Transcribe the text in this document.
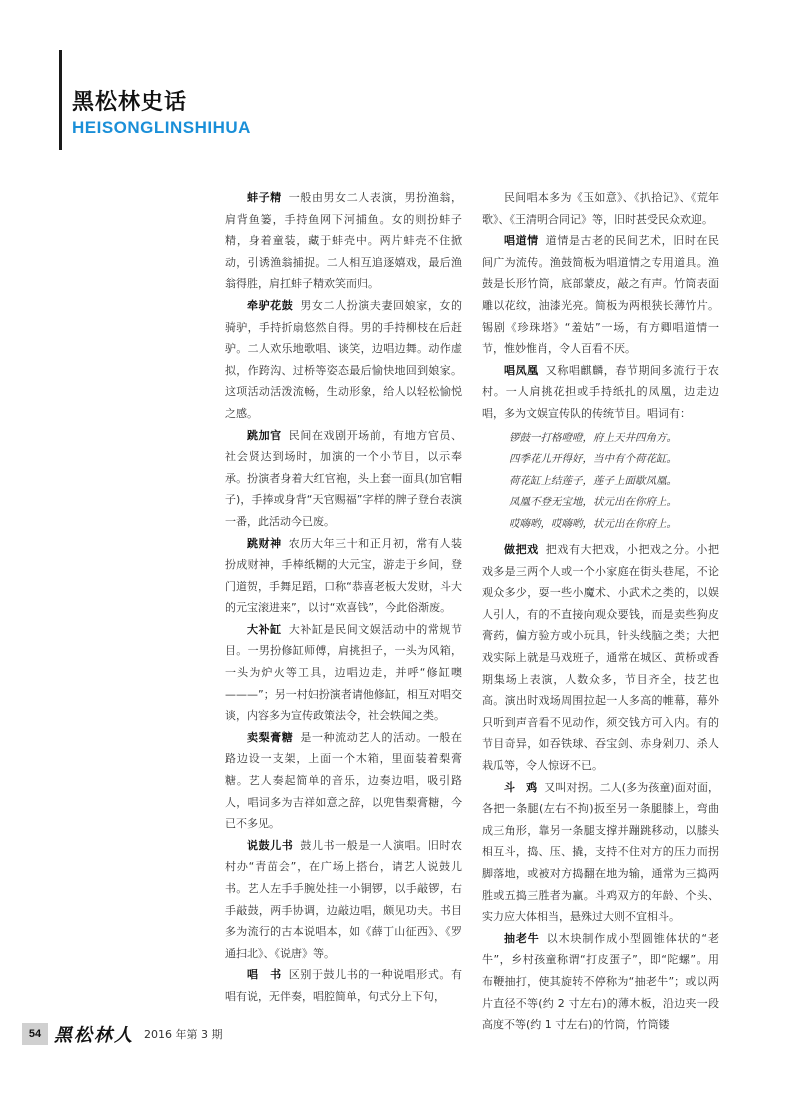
黑松林史话
HEISONGLINSHIHUA

蚌子精 一般由男女二人表演，男扮渔翁，肩背鱼篓，手持鱼网下河捕鱼。女的则扮蚌子精，身着童装，藏于蚌壳中。两片蚌壳不住掀动，引诱渔翁捕捉。二人相互追逐嬉戏，最后渔翁得胜，肩扛蚌子精欢笑而归。

牵驴花鼓 男女二人扮演夫妻回娘家，女的骑驴，手持折扇悠然自得。男的手持柳枝在后赶驴。二人欢乐地歌唱、谈笑，边唱边舞。动作虚拟，作跨沟、过桥等姿态最后愉快地回到娘家。这项活动活泼流畅，生动形象，给人以轻松愉悦之感。

跳加官 民间在戏剧开场前，有地方官员、社会贤达到场时，加演的一个小节目，以示奉承。扮演者身着大红官袍，头上套一面具(加官帽子)，手捧或身背“天官赐福”字样的牌子登台表演一番，此活动今已废。

跳财神 农历大年三十和正月初，常有人装扮成财神，手棒纸糊的大元宝，游走于乡间，登门道贺，手舞足蹈，口称“恭喜老板大发财，斗大的元宝滚进来”，以讨“欢喜钱”，今此俗渐废。

大补缸 大补缸是民间文娱活动中的常规节目。一男扮修缸师傅，肩挑担子，一头为风箱，一头为炉火等工具，边唱边走，并呼“修缸噢———”；另一村妇扮演者请他修缸，相互对唱交谈，内容多为宣传政策法令，社会轶闻之类。

卖梨膏糖 是一种流动艺人的活动。一般在路边设一支架，上面一个木箱，里面装着梨膏糖。艺人奏起简单的音乐，边奏边唱，吸引路人，唱词多为吉祥如意之辞，以兜售梨膏糖，今已不多见。

说鼓儿书 鼓儿书一般是一人演唱。旧时农村办“青苗会”，在广场上搭台，请艺人说鼓儿书。艺人左手手腕处挂一小铜锣，以手敲锣，右手敲鼓，两手协调，边敲边唱，颇见功夫。书目多为流行的古本说唱本，如《薛丁山征西》、《罗通扫北》、《说唐》等。

唱　书 区别于鼓儿书的一种说唱形式。有唱有说，无伴奏，唱腔简单，句式分上下句，

民间唱本多为《玉如意》、《扒拾记》、《荒年歌》、《王清明合同记》等，旧时甚受民众欢迎。

唱道情 道情是古老的民间艺术，旧时在民间广为流传。渔鼓简板为唱道情之专用道具。渔鼓是长形竹筒，底部蒙皮，敲之有声。竹筒表面雕以花纹，油漆光亮。简板为两根狭长薄竹片。锡剧《珍珠塔》“羞姑”一场，有方卿唱道情一节，惟妙惟肖，令人百看不厌。

唱凤凰 又称唱麒麟，春节期间多流行于农村。一人肩挑花担或手持纸扎的凤凰，边走边唱，多为文娱宣传队的传统节目。唱词有：

锣鼓一打格噔噔，府上天井四角方。
四季花儿开得好，当中有个荷花缸。
荷花缸上结莲子，莲子上面歇凤凰。
凤凰不登无宝地，状元出在你府上。
哎嗨哟，哎嗨哟，状元出在你府上。

做把戏 把戏有大把戏，小把戏之分。小把戏多是三两个人或一个小家庭在街头巷尾，不论观众多少，耍一些小魔术、小武术之类的，以娱人引人，有的不直接向观众要钱，而是卖些狗皮膏药，偏方验方或小玩具，针头线脑之类；大把戏实际上就是马戏班子，通常在城区、黄桥或香期集场上表演，人数众多，节目齐全，技艺也高。演出时戏场周围拉起一人多高的帷幕，幕外只听到声音看不见动作，须交钱方可入内。有的节目奇异，如吞铁球、吞宝剑、赤身剁刀、杀人栽瓜等，令人惊讶不已。

斗　鸡 又叫对拐。二人(多为孩童)面对面，各把一条腿(左右不拘)扳至另一条腿膝上，弯曲成三角形，靠另一条腿支撑并蹦跳移动，以膝头相互斗，捣、压、撬，支持不住对方的压力而拐脚落地，或被对方捣翻在地为输，通常为三捣两胜或五捣三胜者为赢。斗鸡双方的年龄、个头、实力应大体相当，悬殊过大则不宜相斗。

抽老牛 以木块制作成小型圆锥体状的“老牛”，乡村孩童称谓“打皮蛋子”，即“陀螺”。用布鞭抽打，使其旋转不停称为“抽老牛”；或以两片直径不等(约 2 寸左右)的薄木板，沿边夹一段高度不等(约 1 寸左右)的竹筒，竹筒镂

54 黑松林人 2016 年第 3 期
